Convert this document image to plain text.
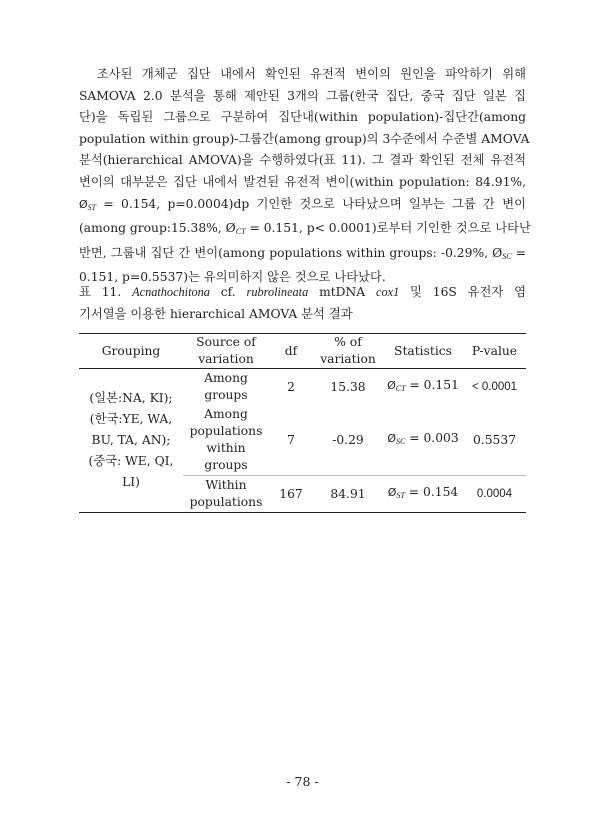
　조사된 개체군 집단 내에서 확인된 유전적 변이의 원인을 파악하기 위해
SAMOVA 2.0 분석을 통해 제안된 3개의 그룹(한국 집단, 중국 집단 일본 집
단)을 독립된 그룹으로 구분하여 집단내(within population)-집단간(among
population within group)-그룹간(among group)의 3수준에서 수준별 AMOVA
분석(hierarchical AMOVA)을 수행하였다(표 11). 그 결과 확인된 전체 유전적
변이의 대부분은 집단 내에서 발견된 유전적 변이(within population: 84.91%,
$Ø_{ST} = 0.154$, p=0.0004)dp 기인한 것으로 나타났으며 일부는 그룹 간 변이
(among group:15.38%, $Ø_{CT} = 0.151$, p< 0.0001)로부터 기인한 것으로 나타난
반면, 그룹내 집단 간 변이(among populations within groups: -0.29%, $Ø_{SC}$ =
0.151, p=0.5537)는 유의미하지 않은 것으로 나타났다.

표 11. Acnathochitona cf. rubrolineata mtDNA cox1 및 16S 유전자 염
기서열을 이용한 hierarchical AMOVA 분석 결과

Grouping	Source of variation	df	% of variation	Statistics	P-value

(일본:NA, KI);
(한국:YE, WA,
BU, TA, AN);
(중국: WE, QI,
LI)	Among groups	2	15.38	$Ø_{CT} = 0.151$	< 0.0001
	Among populations within groups	7	-0.29	$Ø_{SC} = 0.003$	0.5537
	Within populations	167	84.91	$Ø_{ST} = 0.154$	0.0004
- 78 -
